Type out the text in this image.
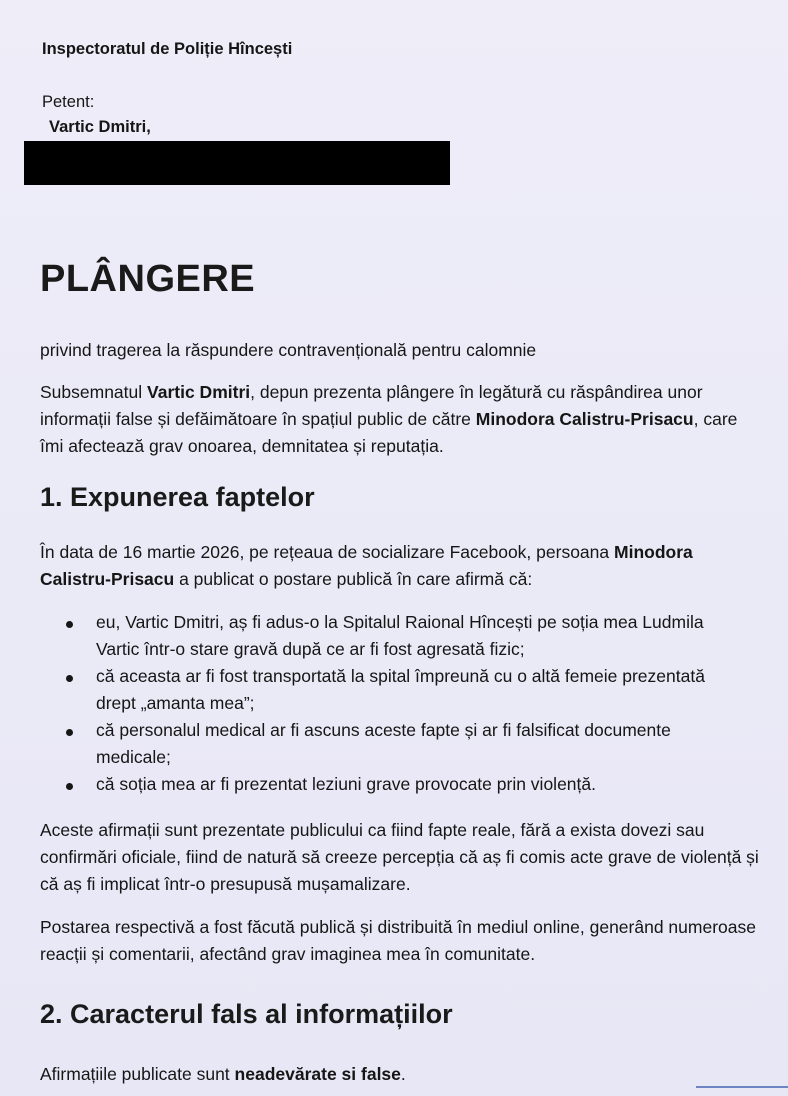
Inspectoratul de Poliție Hîncești

Petent:

Vartic Dmitri,

PLÂNGERE

privind tragerea la răspundere contravențională pentru calomnie

Subsemnatul Vartic Dmitri, depun prezenta plângere în legătură cu răspândirea unor informații false și defăimătoare în spațiul public de către Minodora Calistru-Prisacu, care îmi afectează grav onoarea, demnitatea și reputația.

1. Expunerea faptelor

În data de 16 martie 2026, pe rețeaua de socializare Facebook, persoana Minodora Calistru-Prisacu a publicat o postare publică în care afirmă că:

eu, Vartic Dmitri, aș fi adus-o la Spitalul Raional Hîncești pe soția mea Ludmila Vartic într-o stare gravă după ce ar fi fost agresată fizic;
că aceasta ar fi fost transportată la spital împreună cu o altă femeie prezentată drept „amanta mea”;
că personalul medical ar fi ascuns aceste fapte și ar fi falsificat documente medicale;
că soția mea ar fi prezentat leziuni grave provocate prin violență.

Aceste afirmații sunt prezentate publicului ca fiind fapte reale, fără a exista dovezi sau confirmări oficiale, fiind de natură să creeze percepția că aș fi comis acte grave de violență și că aș fi implicat într-o presupusă mușamalizare.

Postarea respectivă a fost făcută publică și distribuită în mediul online, generând numeroase reacții și comentarii, afectând grav imaginea mea în comunitate.

2. Caracterul fals al informațiilor

Afirmațiile publicate sunt neadevărate si false.
